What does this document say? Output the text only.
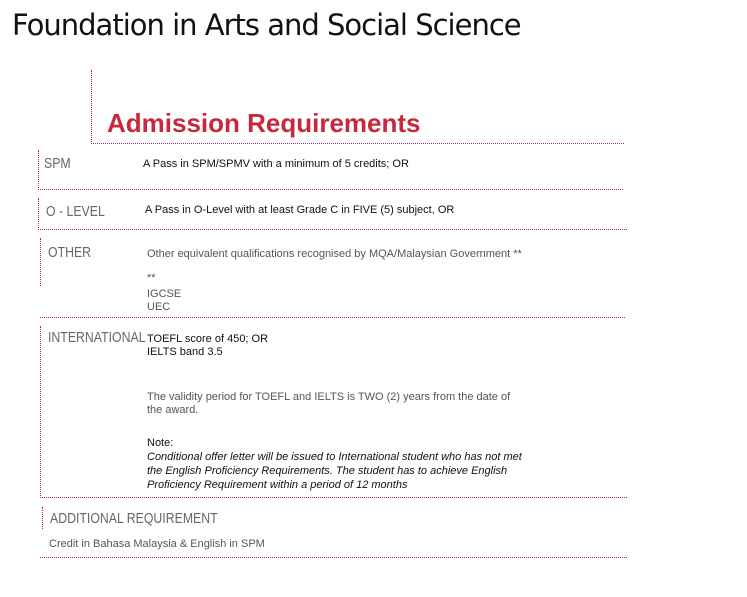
Foundation in Arts and Social Science
Admission Requirements
SPM	A Pass in SPM/SPMV with a minimum of 5 credits; OR
O - LEVEL	A Pass in O-Level with at least Grade C in FIVE (5) subject, OR
OTHER	Other equivalent qualifications recognised by MQA/Malaysian Government **
**
IGCSE
UEC
INTERNATIONAL TOEFL score of 450; OR
IELTS band 3.5
The validity period for TOEFL and IELTS is TWO (2) years from the date of
the award.
Note:
Conditional offer letter will be issued to International student who has not met
the English Proficiency Requirements. The student has to achieve English
Proficiency Requirement within a period of 12 months
ADDITIONAL REQUIREMENT
Credit in Bahasa Malaysia & English in SPM
